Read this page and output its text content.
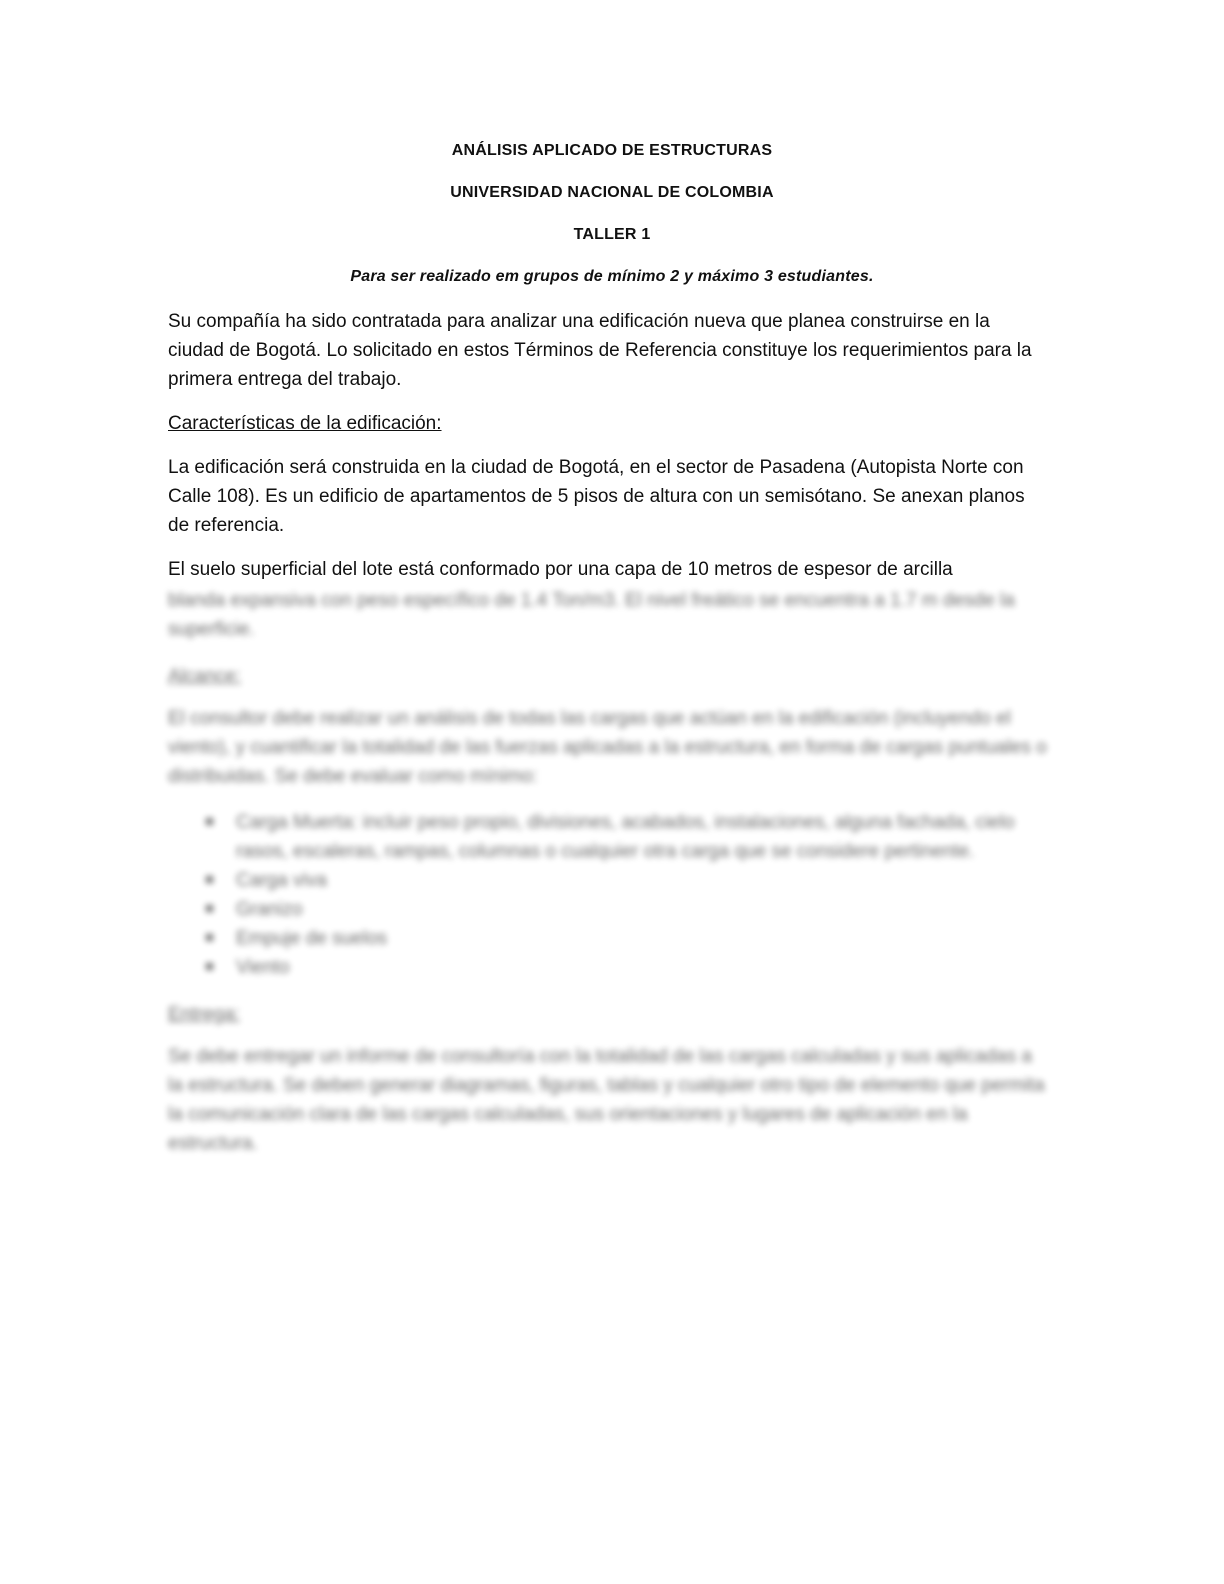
ANÁLISIS APLICADO DE ESTRUCTURAS
UNIVERSIDAD NACIONAL DE COLOMBIA
TALLER 1
Para ser realizado em grupos de mínimo 2 y máximo 3 estudiantes.
Su compañía ha sido contratada para analizar una edificación nueva que planea construirse en la ciudad de Bogotá. Lo solicitado en estos Términos de Referencia constituye los requerimientos para la primera entrega del trabajo.
Características de la edificación:
La edificación será construida en la ciudad de Bogotá, en el sector de Pasadena (Autopista Norte con Calle 108). Es un edificio de apartamentos de 5 pisos de altura con un semisótano. Se anexan planos de referencia.
El suelo superficial del lote está conformado por una capa de 10 metros de espesor de arcilla
blanda expansiva con peso específico de 1.4 Ton/m3. El nivel freático se encuentra a 1.7 m desde la superficie.
Alcance:
El consultor debe realizar un análisis de todas las cargas que actúan en la edificación (incluyendo el viento), y cuantificar la totalidad de las fuerzas aplicadas a la estructura, en forma de cargas puntuales o distribuidas. Se debe evaluar como mínimo:
Carga Muerta: incluir peso propio, divisiones, acabados, instalaciones, alguna fachada, cielo rasos, escaleras, rampas, columnas o cualquier otra carga que se considere pertinente.
Carga viva
Granizo
Empuje de suelos
Viento
Entrega:
Se debe entregar un informe de consultoría con la totalidad de las cargas calculadas y sus aplicadas a la estructura. Se deben generar diagramas, figuras, tablas y cualquier otro tipo de elemento que permita la comunicación clara de las cargas calculadas, sus orientaciones y lugares de aplicación en la estructura.
